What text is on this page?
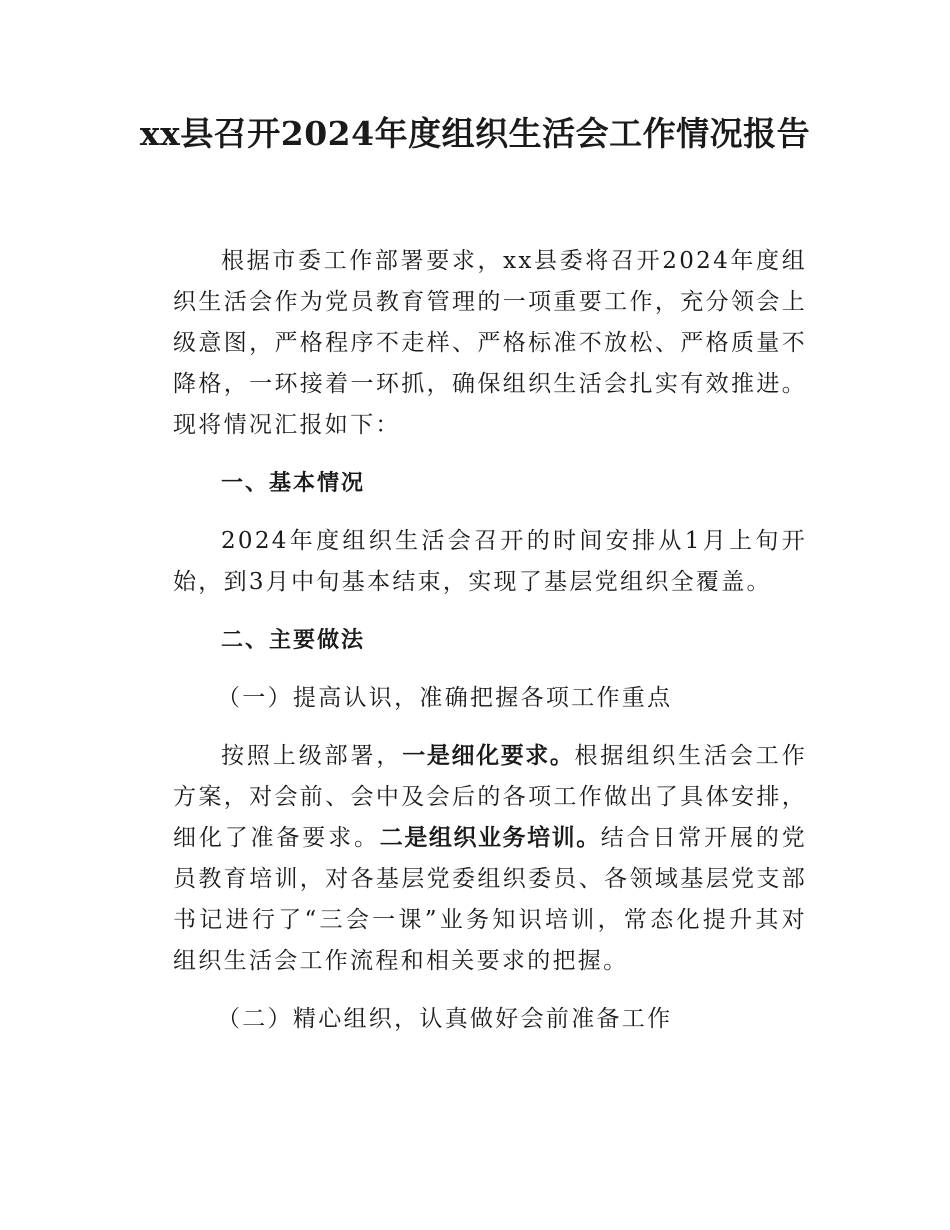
xx县召开2024年度组织生活会工作情况报告

根据市委工作部署要求，xx县委将召开2024年度组织生活会作为党员教育管理的一项重要工作，充分领会上级意图，严格程序不走样、严格标准不放松、严格质量不降格，一环接着一环抓，确保组织生活会扎实有效推进。现将情况汇报如下：

一、基本情况

2024年度组织生活会召开的时间安排从1月上旬开始，到3月中旬基本结束，实现了基层党组织全覆盖。

二、主要做法

（一）提高认识，准确把握各项工作重点

按照上级部署，一是细化要求。根据组织生活会工作方案，对会前、会中及会后的各项工作做出了具体安排，细化了准备要求。二是组织业务培训。结合日常开展的党员教育培训，对各基层党委组织委员、各领域基层党支部书记进行了“三会一课”业务知识培训，常态化提升其对组织生活会工作流程和相关要求的把握。

（二）精心组织，认真做好会前准备工作
